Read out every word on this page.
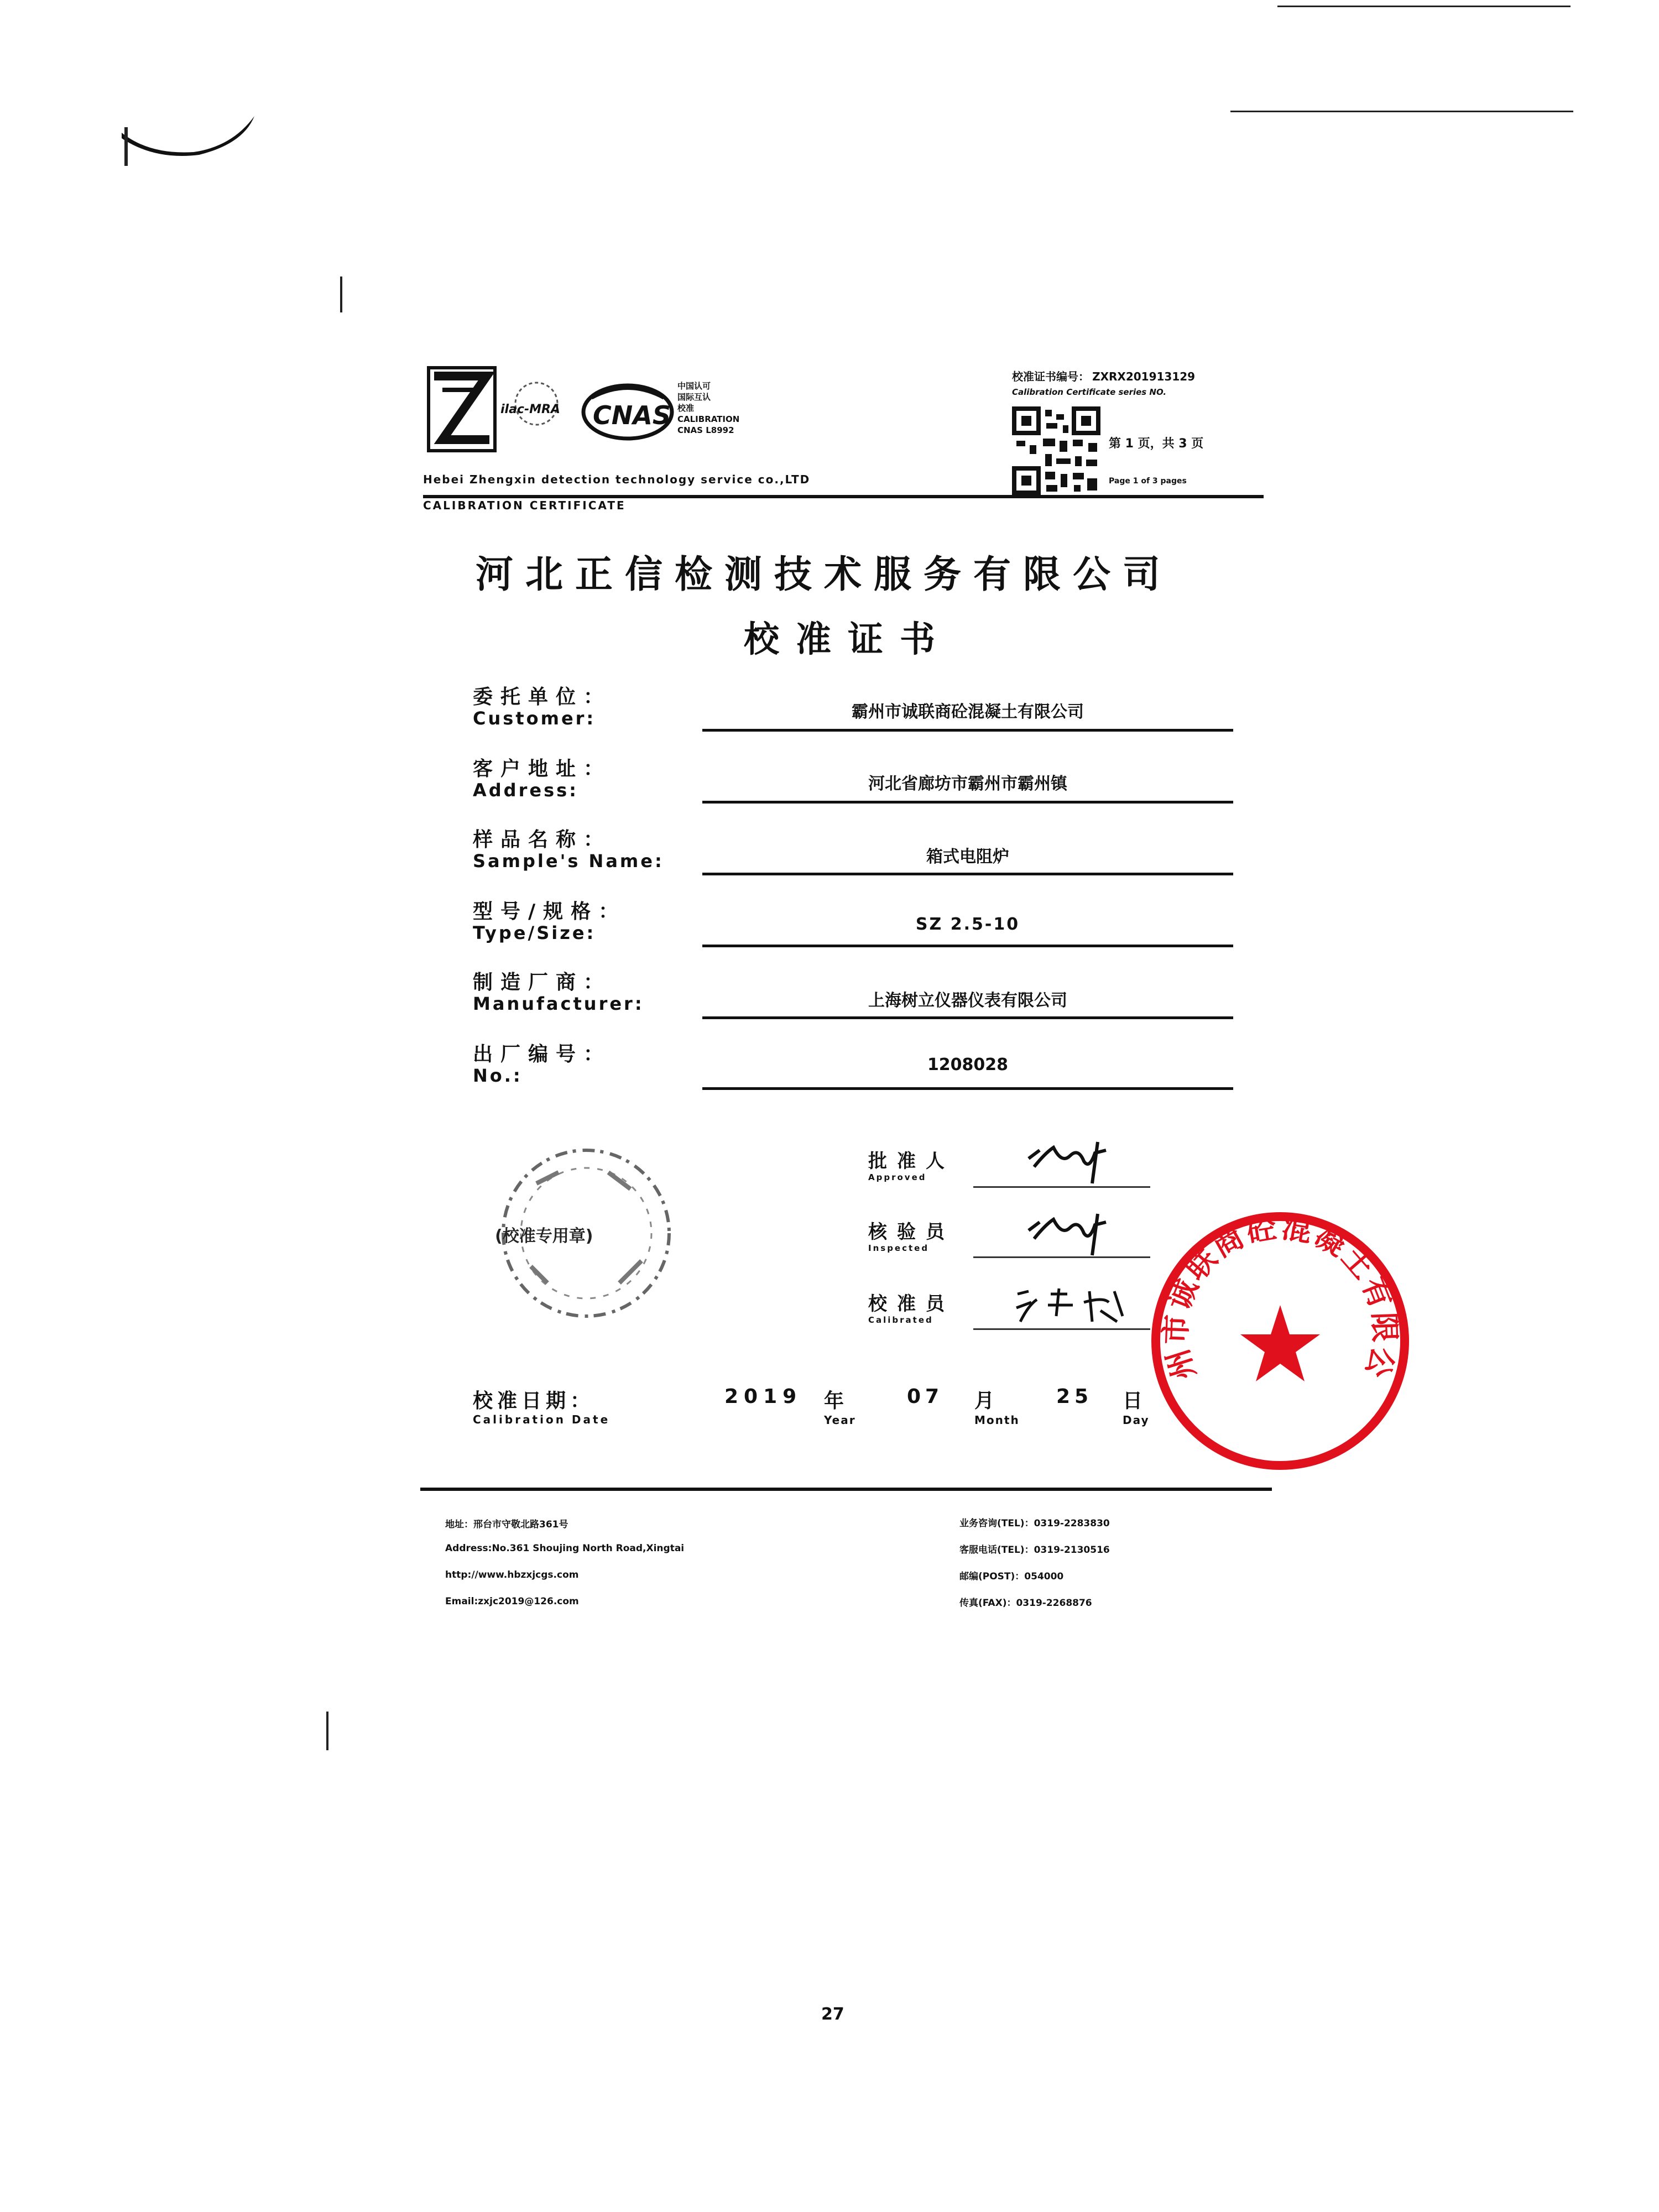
ilac-MRA CNAS
中国认可
国际互认
校准
CALIBRATION
CNAS L8992
Hebei Zhengxin detection technology service co.,LTD
CALIBRATION CERTIFICATE
校准证书编号： ZXRX201913129
Calibration Certificate series NO.
第 1 页，共 3 页
Page 1 of 3 pages
河北正信检测技术服务有限公司
校准证书
委托单位：
Customer:	霸州市诚联商砼混凝土有限公司
客户地址：
Address:	河北省廊坊市霸州市霸州镇
样品名称：
Sample's Name:	箱式电阻炉
型号/规格：
Type/Size:	SZ 2.5-10
制造厂商：
Manufacturer:	上海树立仪器仪表有限公司
出厂编号：
No.:
1208028
(校准专用章)
批准人
Approved
核验员
Inspected
校准员
Calibrated
州市诚联商砼混凝土有限公
校准日期：
Calibration Date
2019 年
Year
07 月
Month
25 日
Day
地址：邢台市守敬北路361号
Address:No.361 Shoujing North Road,Xingtai
http://www.hbzxjcgs.com
Email:zxjc2019@126.com
业务咨询(TEL)：0319-2283830
客服电话(TEL)：0319-2130516
邮编(POST)：054000
传真(FAX)：0319-2268876
27
